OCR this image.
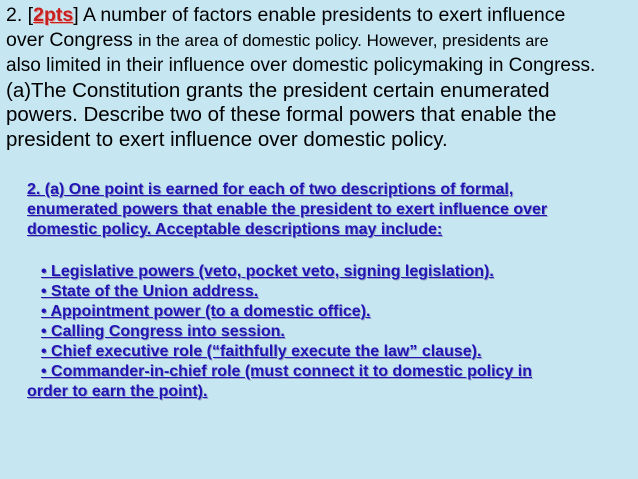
2. [2pts] A number of factors enable presidents to exert influence
over Congress in the area of domestic policy. However, presidents are
also limited in their influence over domestic policymaking in Congress.
(a)The Constitution grants the president certain enumerated
powers. Describe two of these formal powers that enable the
president to exert influence over domestic policy.
2. (a) One point is earned for each of two descriptions of formal,
enumerated powers that enable the president to exert influence over
domestic policy. Acceptable descriptions may include:
• Legislative powers (veto, pocket veto, signing legislation).
• State of the Union address.
• Appointment power (to a domestic office).
• Calling Congress into session.
• Chief executive role (“faithfully execute the law” clause).
• Commander-in-chief role (must connect it to domestic policy in
order to earn the point).
